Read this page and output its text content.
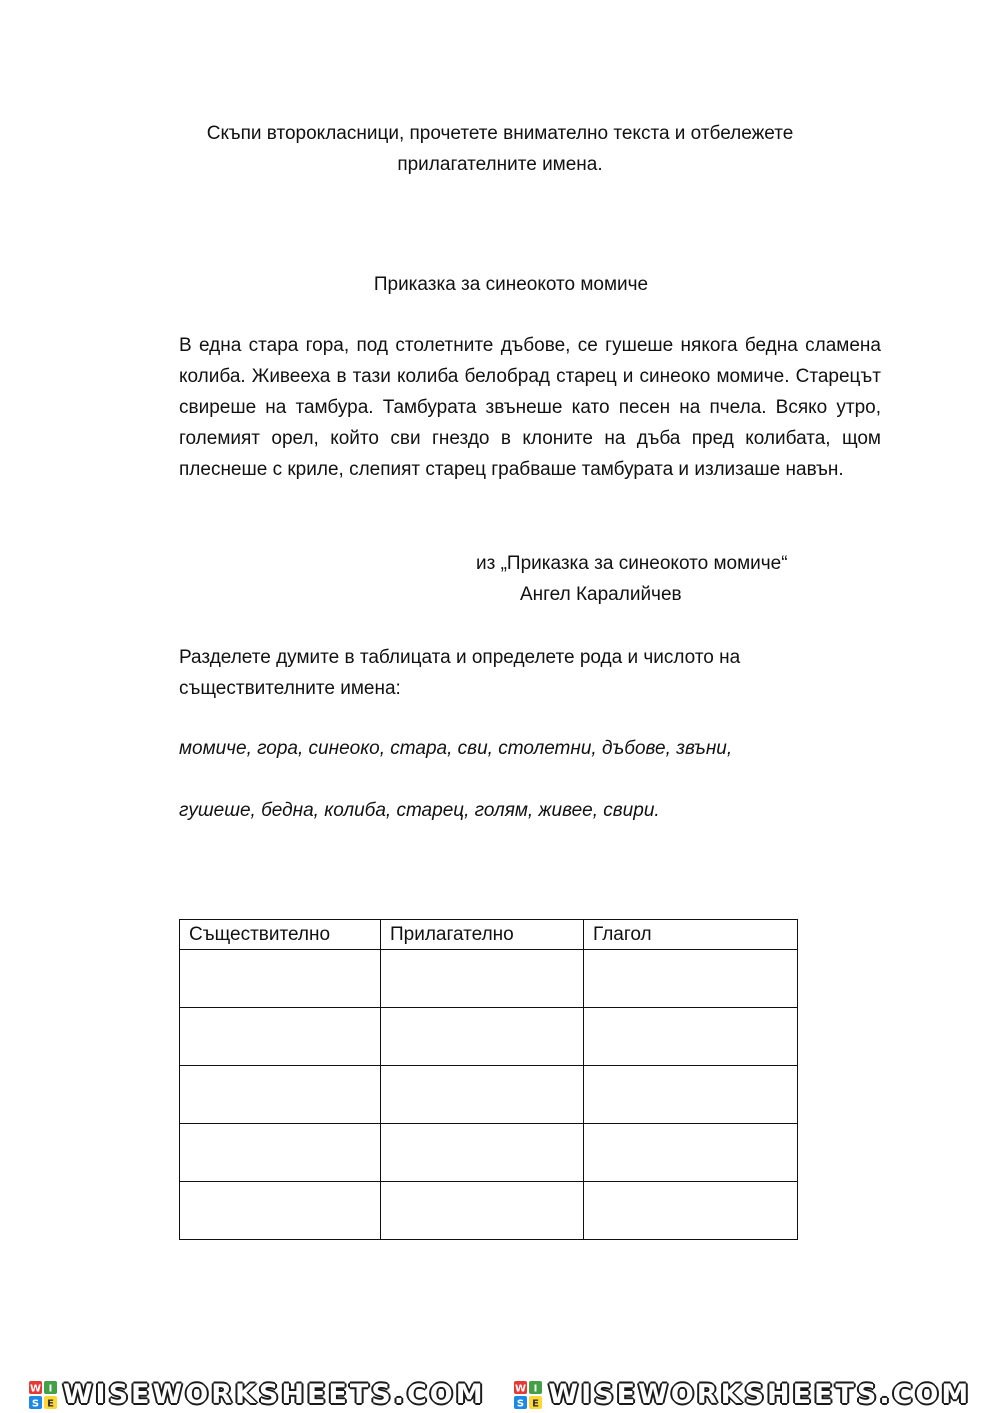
Скъпи второкласници, прочетете внимателно текста и отбележете
прилагателните имена.
Приказка за синеокото момиче
В една стара гора, под столетните дъбове, се гушеше някога бедна сламена колиба. Живееха в тази колиба белобрад старец и синеоко момиче. Старецът свиреше на тамбура. Тамбурата звънеше като песен на пчела. Всяко утро, големият орел, който сви гнездо в клоните на дъба пред колибата, щом плеснеше с криле, слепият старец грабваше тамбурата и излизаше навън.
из „Приказка за синеокото момиче“
Ангел Каралийчев
Разделете думите в таблицата и определете рода и числото на
съществителните имена:
момиче, гора, синеоко, стара, сви, столетни, дъбове, звъни,
гушеше, бедна, колиба, старец, голям, живее, свири.
Съществително	Прилагателно	Глагол

W I
S E WISEWORKSHEETS.COM	W I
S E WISEWORKSHEETS.COM
